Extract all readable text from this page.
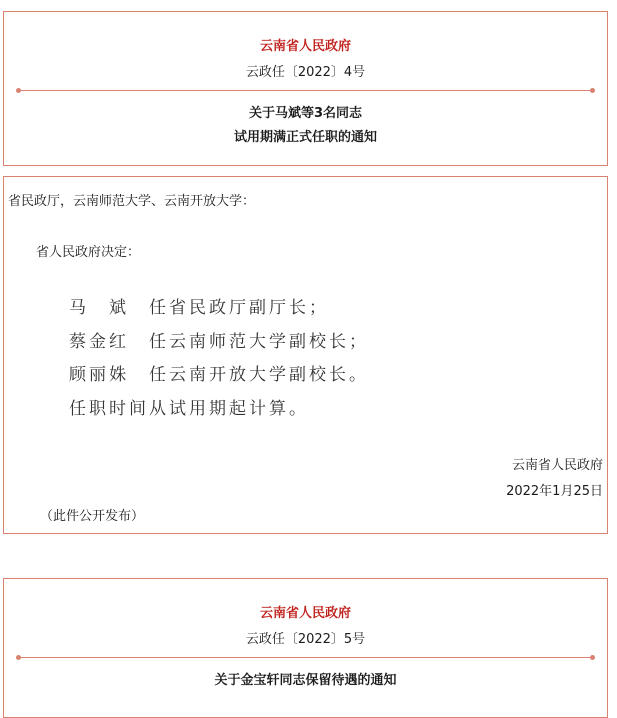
云南省人民政府
云政任〔2022〕4号
关于马斌等3名同志
试用期满正式任职的通知
省民政厅，云南师范大学、云南开放大学：
省人民政府决定：
马　斌 任省民政厅副厅长；
蔡金红 任云南师范大学副校长；
顾丽姝 任云南开放大学副校长。
任职时间从试用期起计算。
云南省人民政府
2022年1月25日
（此件公开发布）
云南省人民政府
云政任〔2022〕5号
关于金宝轩同志保留待遇的通知
